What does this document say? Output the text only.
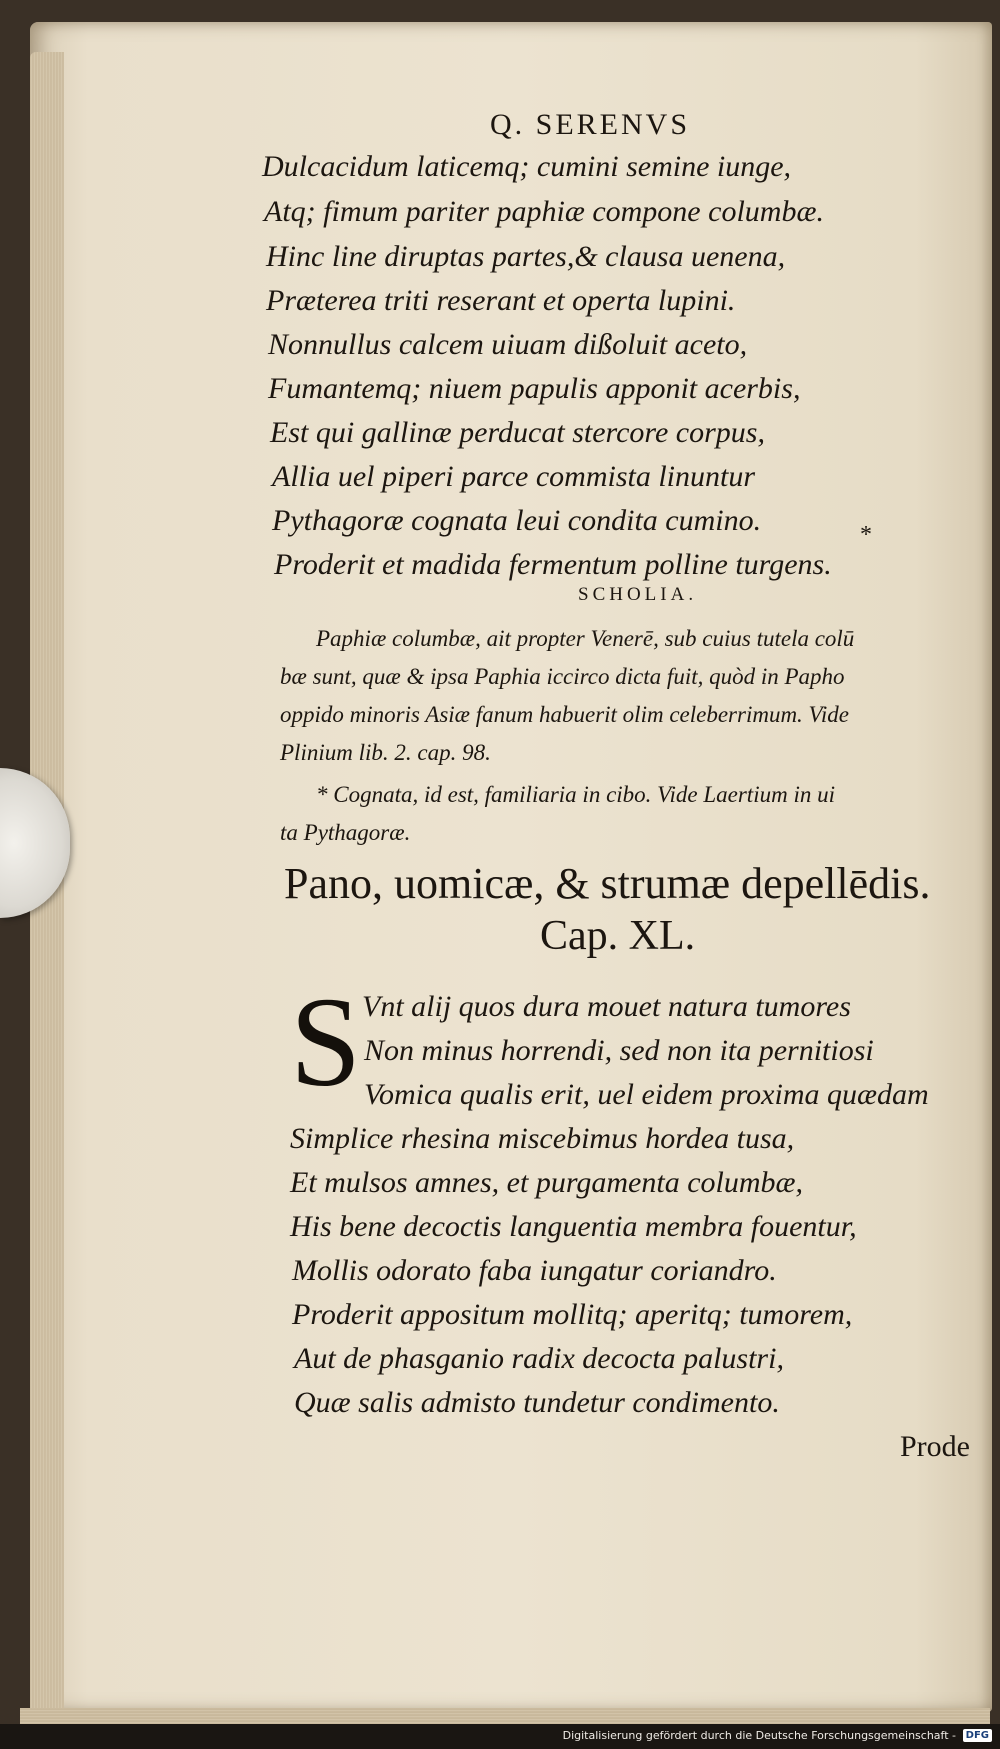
Q. SERENVS
Dulcacidum laticemq; cumini semine iunge,
Atq; fimum pariter paphiæ compone columbæ.
Hinc line diruptas partes,& clausa uenena,
Præterea triti reserant et operta lupini.
Nonnullus calcem uiuam dißoluit aceto,
Fumantemq; niuem papulis apponit acerbis,
Est qui gallinæ perducat stercore corpus,
Allia uel piperi parce commista linuntur
Pythagoræ cognata leui condita cumino.
Proderit et madida fermentum polline turgens.
*
SCHOLIA.
Paphiæ columbæ, ait propter Venerē, sub cuius tutela colū
bæ sunt, quæ & ipsa Paphia iccirco dicta fuit, quòd in Papho
oppido minoris Asiæ fanum habuerit olim celeberrimum. Vide
Plinium lib. 2. cap. 98.
* Cognata, id est, familiaria in cibo. Vide Laertium in ui
ta Pythagoræ.
Pano, uomicæ, & strumæ depellēdis.
Cap. XL.
S Vnt alij quos dura mouet natura tumores
Non minus horrendi, sed non ita pernitiosi
Vomica qualis erit, uel eidem proxima quædam
Simplice rhesina miscebimus hordea tusa,
Et mulsos amnes, et purgamenta columbæ,
His bene decoctis languentia membra fouentur,
Mollis odorato faba iungatur coriandro.
Proderit appositum mollitq; aperitq; tumorem,
Aut de phasganio radix decocta palustri,
Quæ salis admisto tundetur condimento.
Prode
Digitalisierung gefördert durch die Deutsche Forschungsgemeinschaft - DFG
